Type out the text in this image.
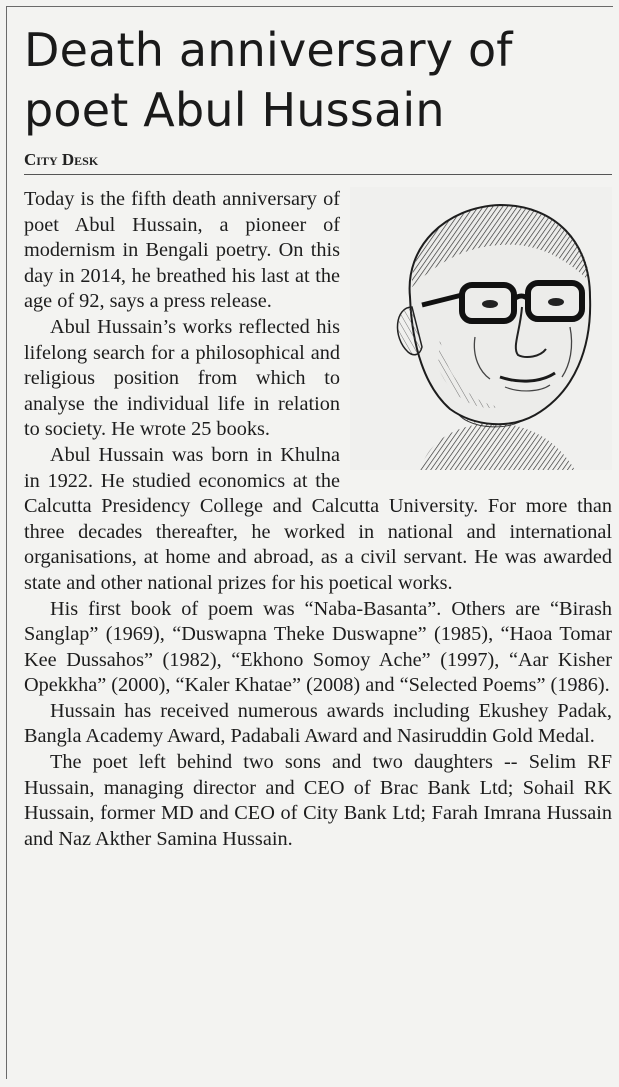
Death anniversary of
poet Abul Hussain
City Desk

Today is the fifth death anniversary of poet Abul Hussain, a pioneer of modernism in Bengali poetry. On this day in 2014, he breathed his last at the age of 92, says a press release.

Abul Hussain’s works reflected his lifelong search for a philosophical and religious position from which to analyse the individual life in relation to society. He wrote 25 books.

Abul Hussain was born in Khulna in 1922. He studied economics at the Calcutta Presidency College and Calcutta University. For more than three decades thereafter, he worked in national and international organisations, at home and abroad, as a civil servant. He was awarded state and other national prizes for his poetical works.

His first book of poem was “Naba-Basanta”. Others are “Birash Sanglap” (1969), “Duswapna Theke Duswapne” (1985), “Haoa Tomar Kee Dussahos” (1982), “Ekhono Somoy Ache” (1997), “Aar Kisher Opekkha” (2000), “Kaler Khatae” (2008) and “Selected Poems” (1986).

Hussain has received numerous awards including Ekushey Padak, Bangla Academy Award, Padabali Award and Nasiruddin Gold Medal.

The poet left behind two sons and two daughters -- Selim RF Hussain, managing director and CEO of Brac Bank Ltd; Sohail RK Hussain, former MD and CEO of City Bank Ltd; Farah Imrana Hussain and Naz Akther Samina Hussain.
